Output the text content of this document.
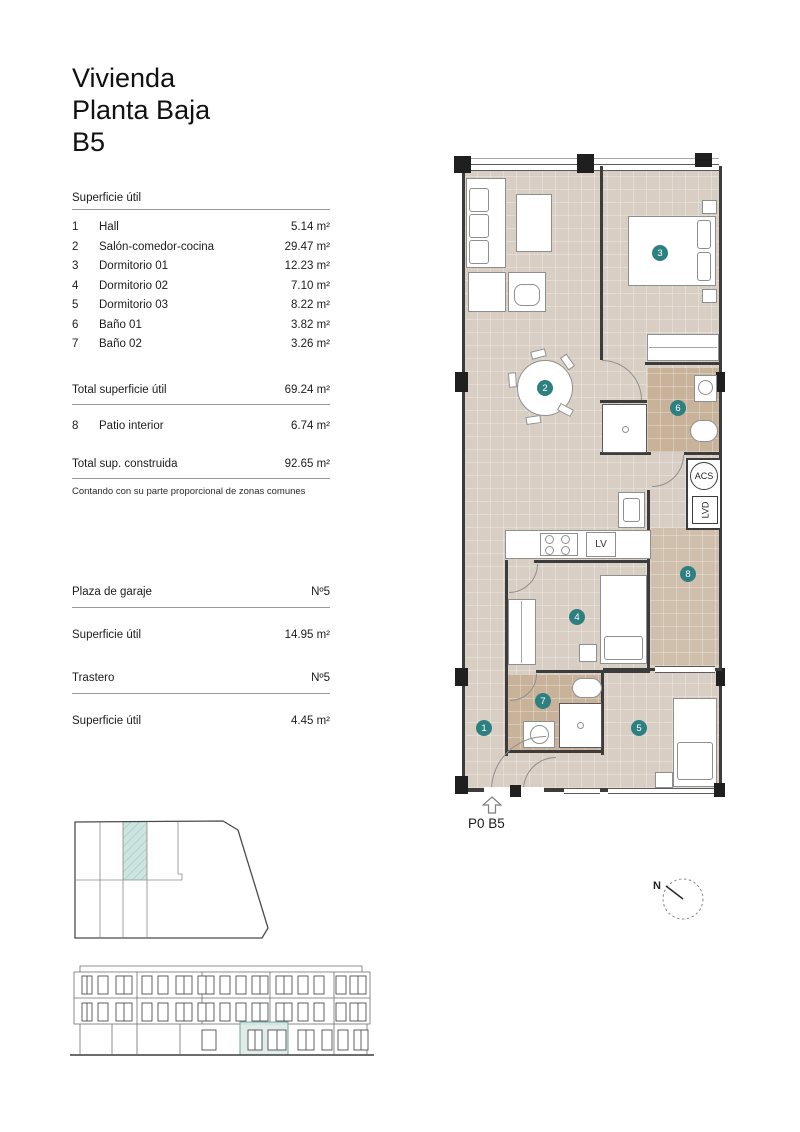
Vivienda
Planta Baja
B5
Superficie útil
1	Hall	5.14 m²
2	Salón-comedor-cocina	29.47 m²
3	Dormitorio 01	12.23 m²
4	Dormitorio 02	7.10 m²
5	Dormitorio 03	8.22 m²
6	Baño 01	3.82 m²
7	Baño 02	3.26 m²
Total superficie útil	69.24 m²
8	Patio interior	6.74 m²
Total sup. construida	92.65 m²
Contando con su parte proporcional de zonas comunes
Plaza de garaje	Nº5
Superficie útil	14.95 m²
Trastero	Nº5
Superficie útil	4.45 m²
ACS
LVD
LV
1
2
3
4
5
6
7
8
P0 B5
N
